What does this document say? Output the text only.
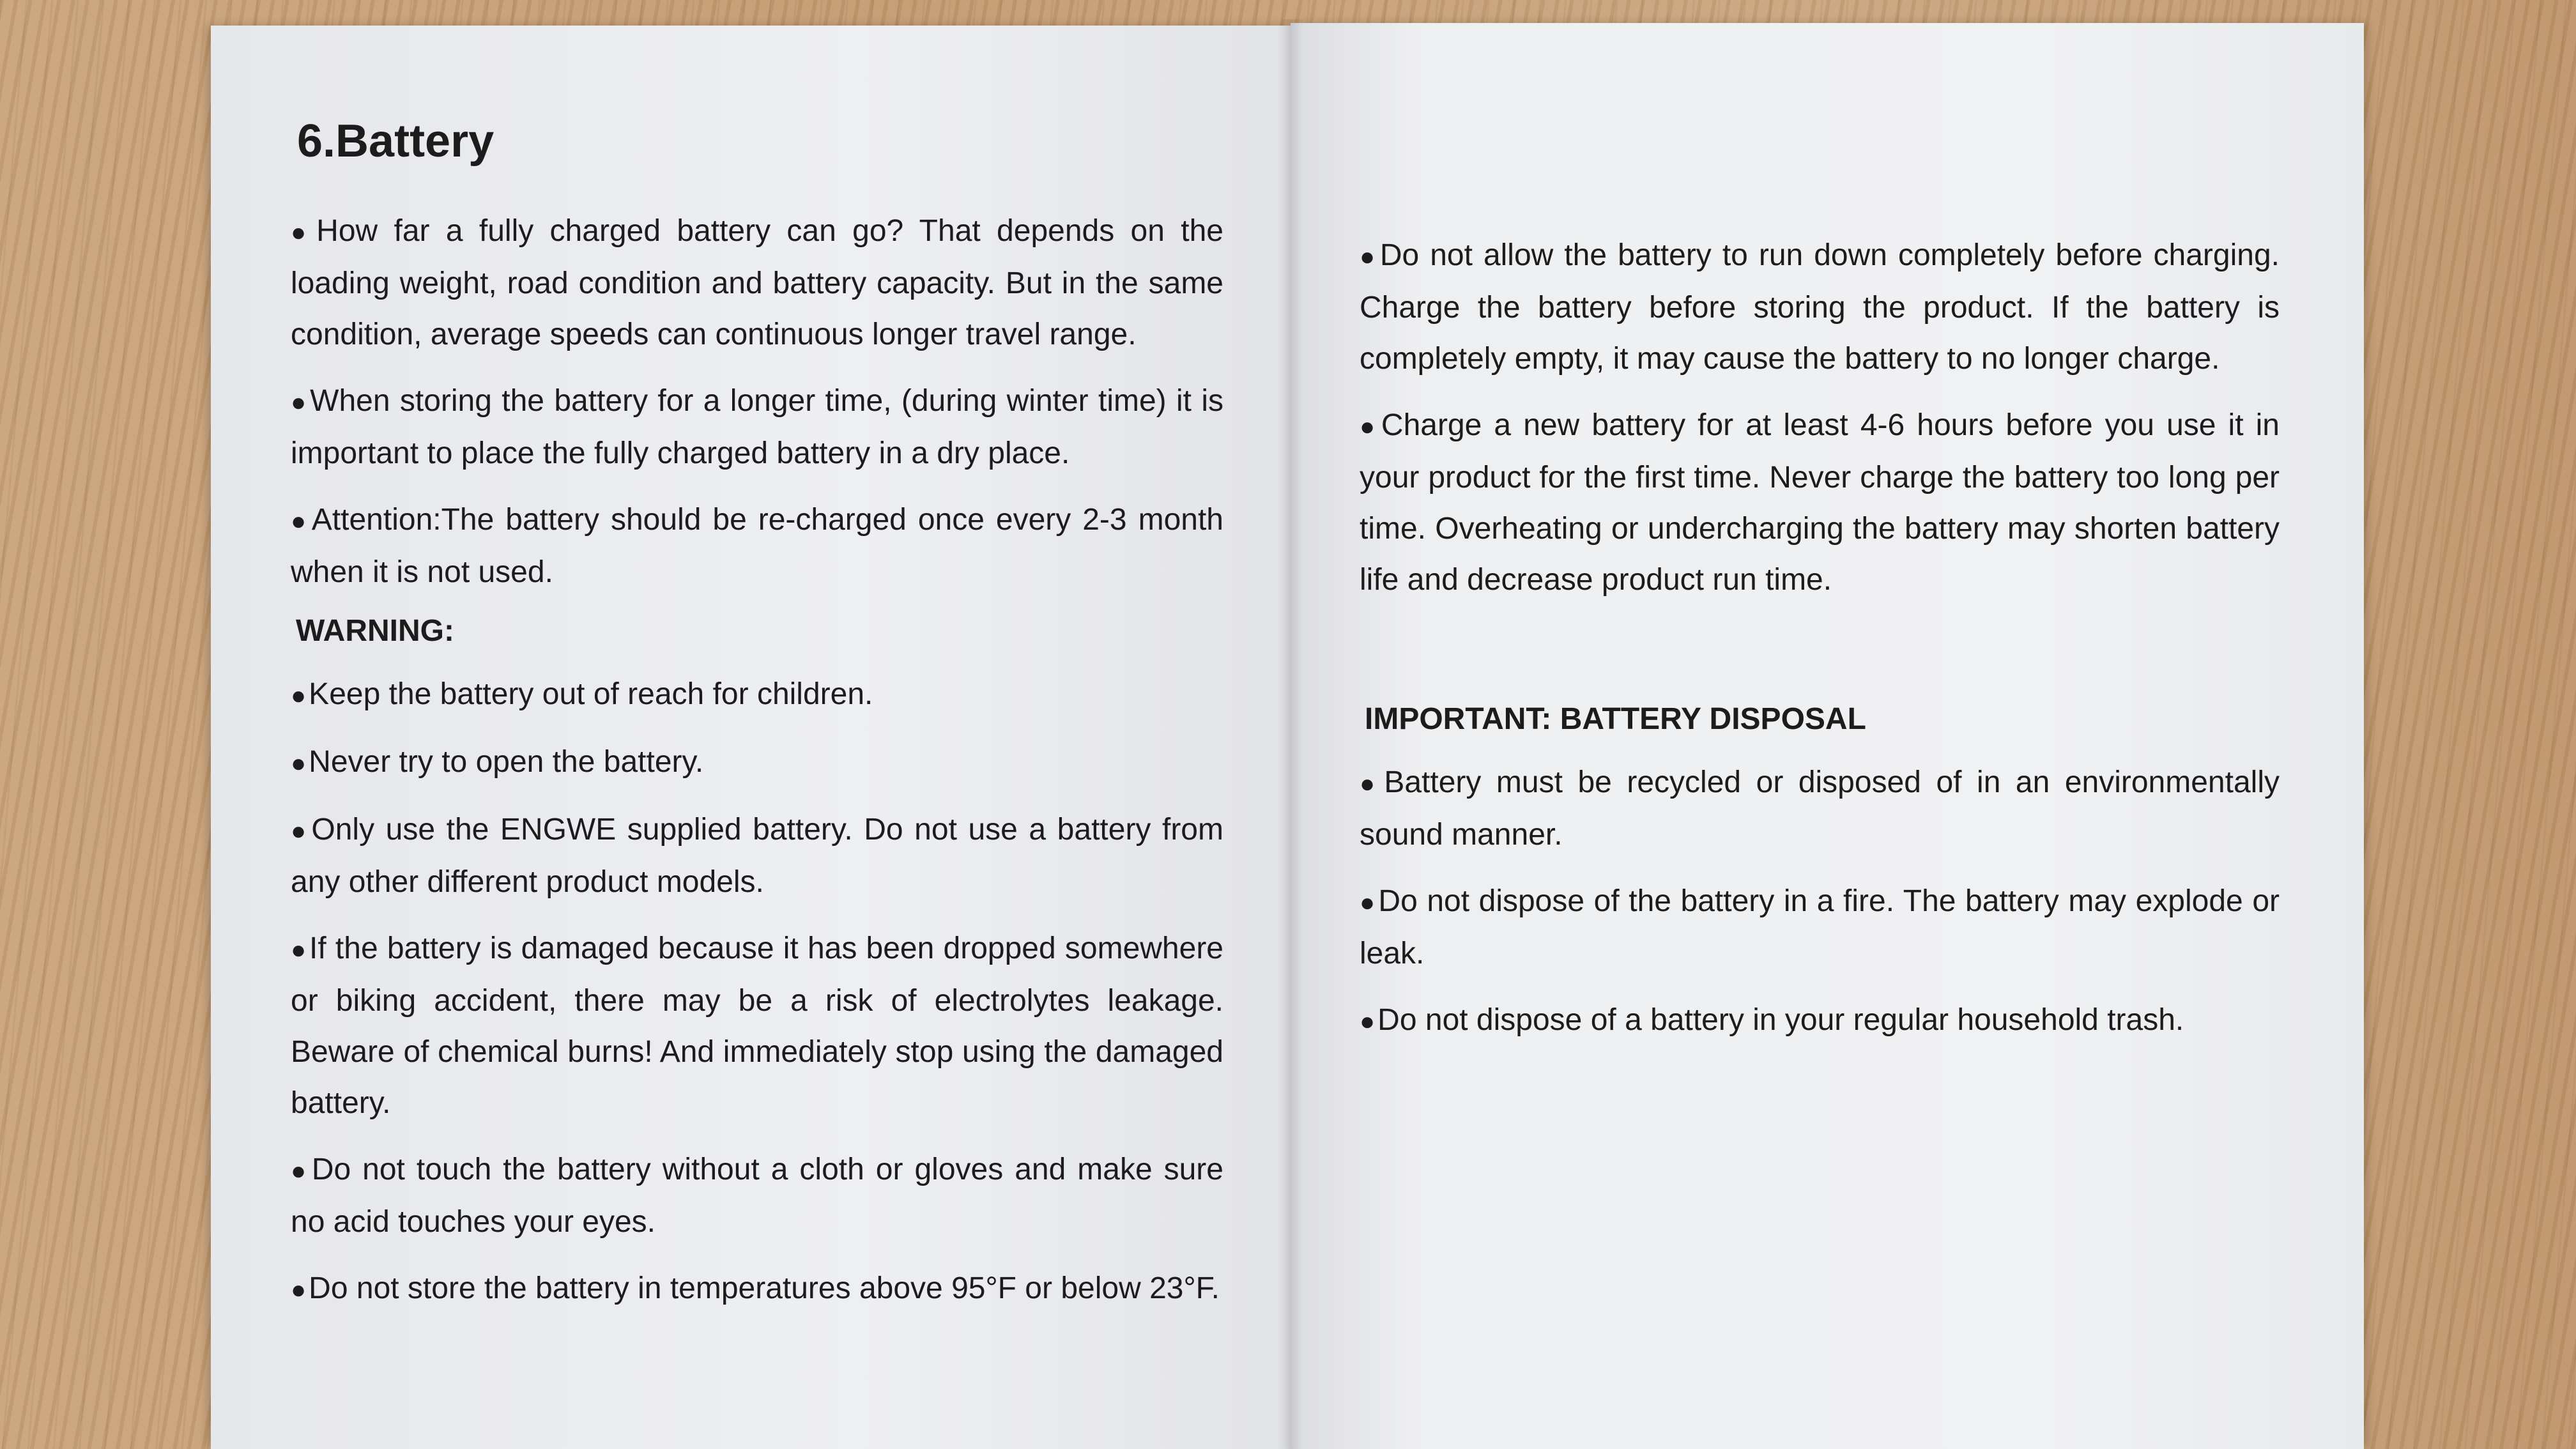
6.Battery

●How far a fully charged battery can go? That depends on the loading weight, road condition and battery capacity. But in the same condition, average speeds can continuous longer travel range.

●When storing the battery for a longer time, (during winter time) it is important to place the fully charged battery in a dry place.

●Attention:The battery should be re-charged once every 2-3 month when it is not used.

WARNING:

●Keep the battery out of reach for children.

●Never try to open the battery.

●Only use the ENGWE supplied battery. Do not use a battery from any other different product models.

●If the battery is damaged because it has been dropped somewhere or biking accident, there may be a risk of electrolytes leakage. Beware of chemical burns! And immediately stop using the damaged battery.

●Do not touch the battery without a cloth or gloves and make sure no acid touches your eyes.

●Do not store the battery in temperatures above 95°F or below 23°F.

●Do not allow the battery to run down completely before charging. Charge the battery before storing the product. If the battery is completely empty, it may cause the battery to no longer charge.

●Charge a new battery for at least 4-6 hours before you use it in your product for the first time. Never charge the battery too long per time. Overheating or undercharging the battery may shorten battery life and decrease product run time.

IMPORTANT: BATTERY DISPOSAL

●Battery must be recycled or disposed of in an environmentally sound manner.

●Do not dispose of the battery in a fire. The battery may explode or leak.

●Do not dispose of a battery in your regular household trash.
